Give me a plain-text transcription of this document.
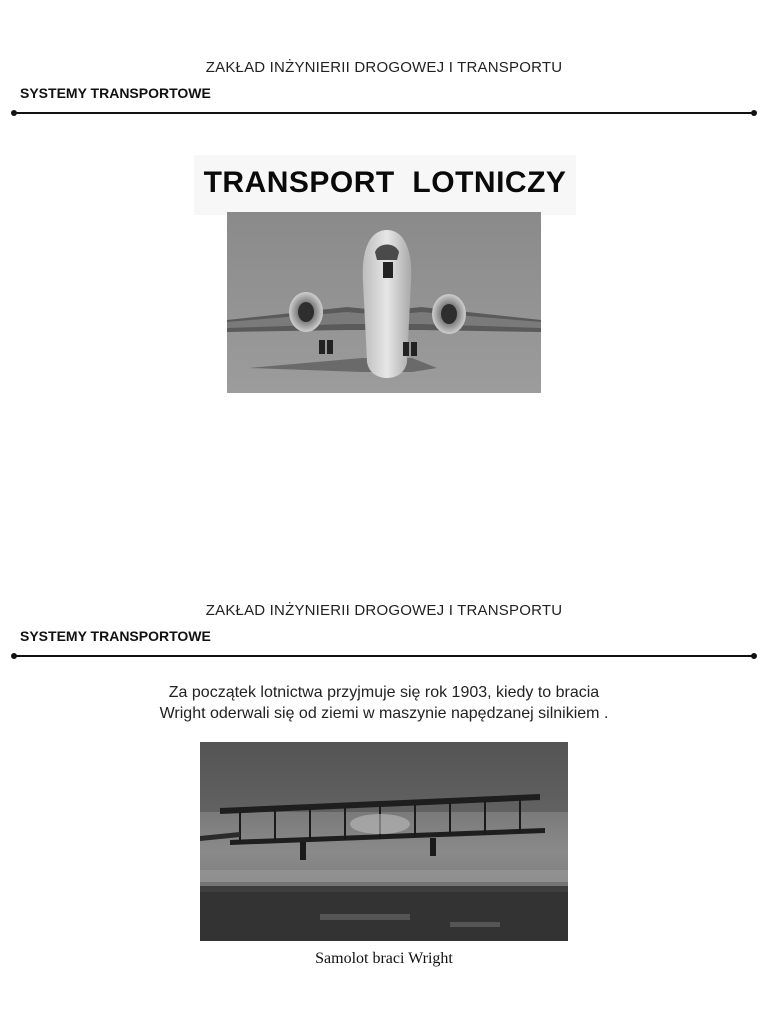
ZAKŁAD INŻYNIERII DROGOWEJ I TRANSPORTU
SYSTEMY TRANSPORTOWE
TRANSPORT  LOTNICZY
ZAKŁAD INŻYNIERII DROGOWEJ I TRANSPORTU
SYSTEMY TRANSPORTOWE
Za początek lotnictwa przyjmuje się rok 1903, kiedy to bracia
Wright oderwali się od ziemi w maszynie napędzanej silnikiem .
Samolot braci Wright
